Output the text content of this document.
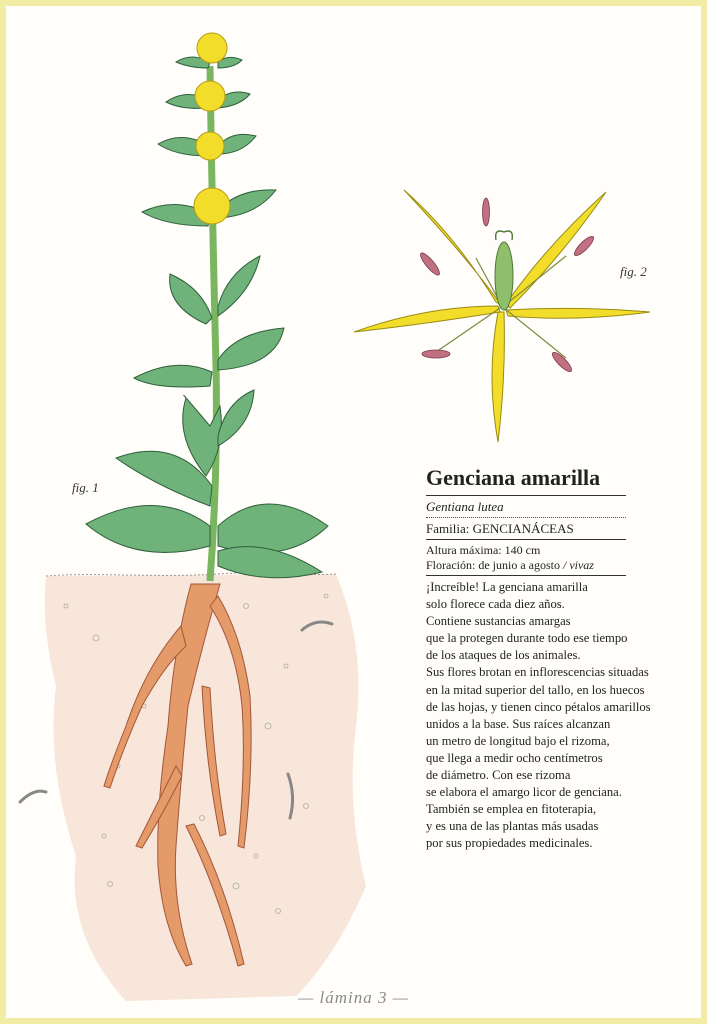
fig. 1
fig. 2
Genciana amarilla
Gentiana lutea
Familia: GENCIANÁCEAS
Altura máxima: 140 cm
Floración: de junio a agosto / vivaz
¡Increíble! La genciana amarilla
solo florece cada diez años.
Contiene sustancias amargas
que la protegen durante todo ese tiempo
de los ataques de los animales.
Sus flores brotan en inflorescencias situadas
en la mitad superior del tallo, en los huecos
de las hojas, y tienen cinco pétalos amarillos
unidos a la base. Sus raíces alcanzan
un metro de longitud bajo el rizoma,
que llega a medir ocho centímetros
de diámetro. Con ese rizoma
se elabora el amargo licor de genciana.
También se emplea en fitoterapia,
y es una de las plantas más usadas
por sus propiedades medicinales.
— lámina 3 —
